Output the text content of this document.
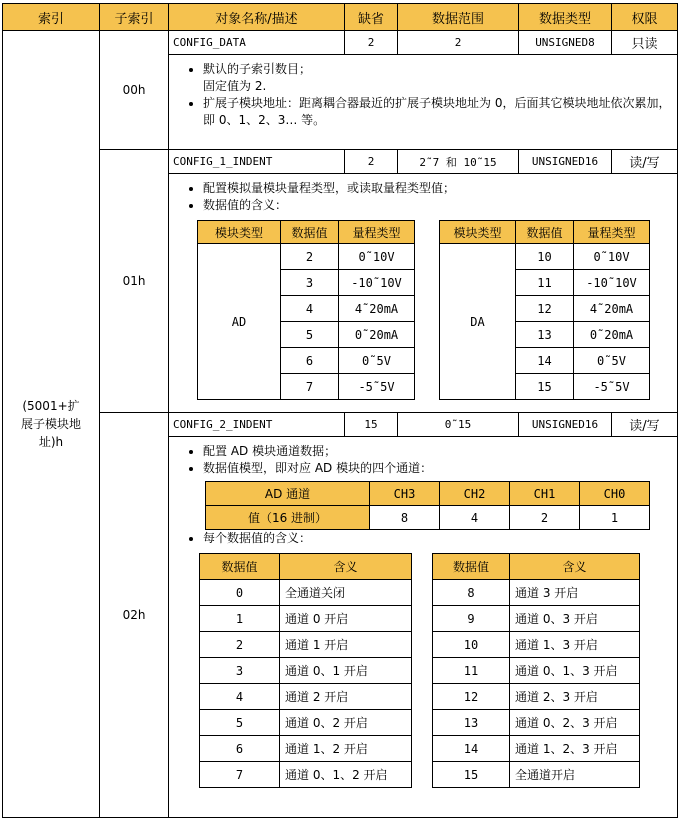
索引	子索引	对象名称/描述	缺省	数据范围	数据类型	权限
(5001+扩展子模块地址)h	00h	CONFIG_DATA	2	2	UNSIGNED8	只读

• 默认的子索引数目；
固定值为 2.
• 扩展子模块地址：距离耦合器最近的扩展子模块地址为 0，后面其它模块地址依次累加，即 0、1、2、3… 等。

01h	CONFIG_1_INDENT	2	2˜7 和 10˜15	UNSIGNED16	读/写

• 配置模拟量模块量程类型，或读取量程类型值；
• 数据值的含义：
模块类型	数据值	量程类型
AD	2	0˜10V
3	-10˜10V
4	4˜20mA
5	0˜20mA
6	0˜5V
7	-5˜5V
模块类型	数据值	量程类型
DA	10	0˜10V
11	-10˜10V
12	4˜20mA
13	0˜20mA
14	0˜5V
15	-5˜5V

02h	CONFIG_2_INDENT	15	0˜15	UNSIGNED16	读/写

• 配置 AD 模块通道数据；
• 数据值模型，即对应 AD 模块的四个通道：
AD 通道	CH3	CH2	CH1	CH0
值（16 进制）	8	4	2	1
• 每个数据值的含义：
数据值	含义
0	全通道关闭
1	通道 0 开启
2	通道 1 开启
3	通道 0、1 开启
4	通道 2 开启
5	通道 0、2 开启
6	通道 1、2 开启
7	通道 0、1、2 开启
数据值	含义
8	通道 3 开启
9	通道 0、3 开启
10	通道 1、3 开启
11	通道 0、1、3 开启
12	通道 2、3 开启
13	通道 0、2、3 开启
14	通道 1、2、3 开启
15	全通道开启
